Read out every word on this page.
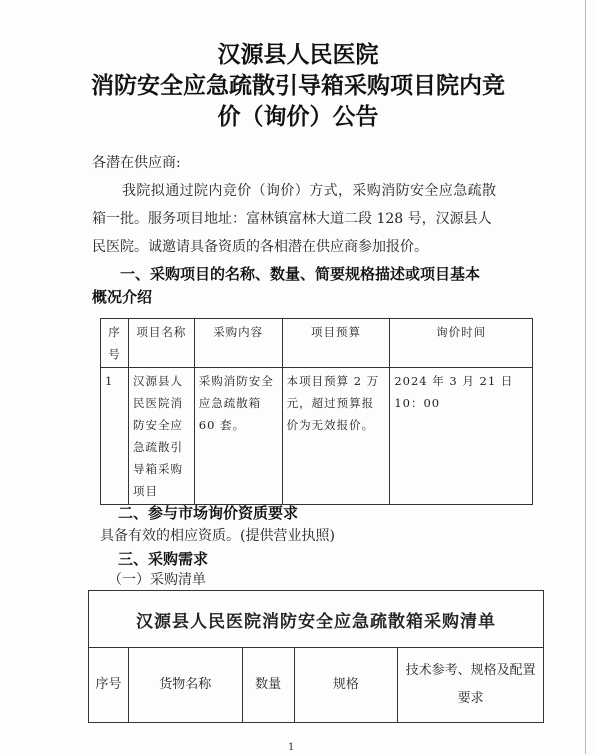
汉源县人民医院
消防安全应急疏散引导箱采购项目院内竞
价（询价）公告
各潜在供应商:
我院拟通过院内竞价（询价）方式，采购消防安全应急疏散
箱一批。服务项目地址：富林镇富林大道二段 128 号，汉源县人
民医院。诚邀请具备资质的各相潜在供应商参加报价。
一、采购项目的名称、数量、简要规格描述或项目基本
概况介绍
序号	项目名称	采购内容	项目预算	询价时间
1	汉源县人民医院消防安全应急疏散引导箱采购项目	采购消防安全应急疏散箱 60 套。	本项目预算 2 万元，超过预算报价为无效报价。	2024 年 3 月 21 日 10：00
二、参与市场询价资质要求
具备有效的相应资质。(提供营业执照)
三、采购需求
（一）采购清单
汉源县人民医院消防安全应急疏散箱采购清单
序号	货物名称	数量	规格	技术参考、规格及配置要求
1
